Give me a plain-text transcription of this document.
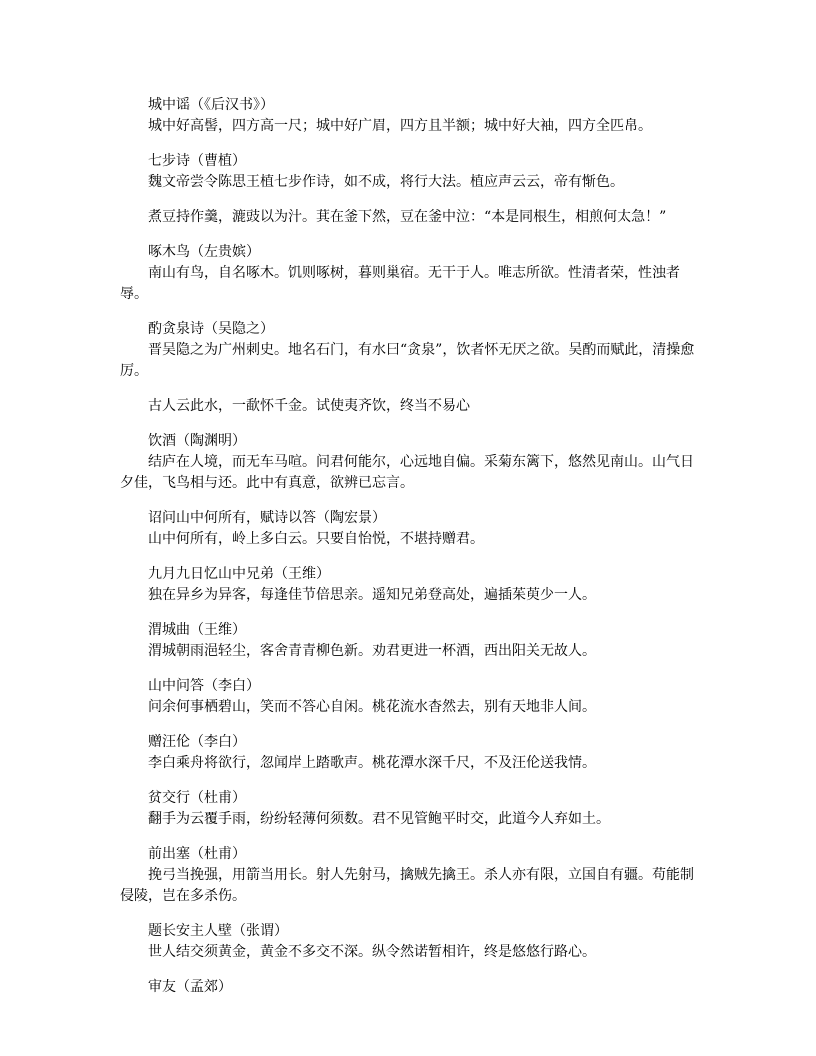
城中谣（《后汉书》）

城中好高髻，四方高一尺；城中好广眉，四方且半额；城中好大袖，四方全匹帛。

七步诗（曹植）

魏文帝尝令陈思王植七步作诗，如不成，将行大法。植应声云云，帝有惭色。

煮豆持作羹，漉豉以为汁。萁在釜下然，豆在釜中泣：“本是同根生，相煎何太急！”

啄木鸟（左贵嫔）

南山有鸟，自名啄木。饥则啄树，暮则巢宿。无干于人。唯志所欲。性清者荣，性浊者辱。

酌贪泉诗（吴隐之）

晋吴隐之为广州刺史。地名石门，有水曰“贪泉”，饮者怀无厌之欲。吴酌而赋此，清操愈厉。

古人云此水，一歃怀千金。试使夷齐饮，终当不易心

饮酒（陶渊明）

结庐在人境，而无车马喧。问君何能尔，心远地自偏。采菊东篱下，悠然见南山。山气日夕佳，飞鸟相与还。此中有真意，欲辨已忘言。

诏问山中何所有，赋诗以答（陶宏景）

山中何所有，岭上多白云。只要自怡悦，不堪持赠君。

九月九日忆山中兄弟（王维）

独在异乡为异客，每逢佳节倍思亲。遥知兄弟登高处，遍插茱萸少一人。

渭城曲（王维）

渭城朝雨浥轻尘，客舍青青柳色新。劝君更进一杯酒，西出阳关无故人。

山中问答（李白）

问余何事栖碧山，笑而不答心自闲。桃花流水杳然去，别有天地非人间。

赠汪伦（李白）

李白乘舟将欲行，忽闻岸上踏歌声。桃花潭水深千尺，不及汪伦送我情。

贫交行（杜甫）

翻手为云覆手雨，纷纷轻薄何须数。君不见管鲍平时交，此道今人弃如土。

前出塞（杜甫）

挽弓当挽强，用箭当用长。射人先射马，擒贼先擒王。杀人亦有限，立国自有疆。苟能制侵陵，岂在多杀伤。

题长安主人壁（张谓）

世人结交须黄金，黄金不多交不深。纵令然诺暂相许，终是悠悠行路心。

审友（孟郊）
